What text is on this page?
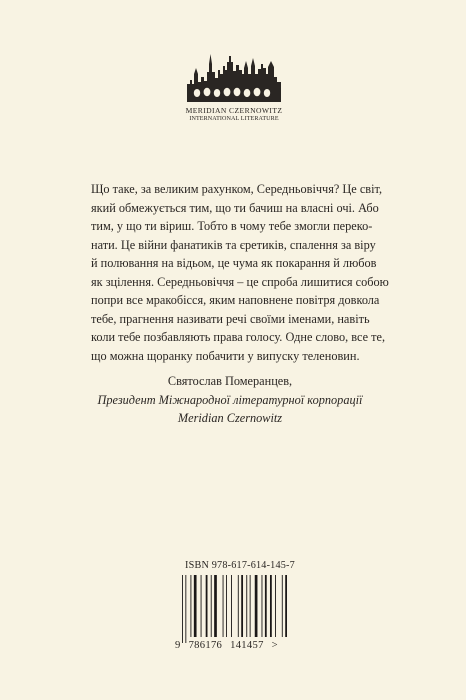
MERIDIAN CZERNOWITZ
INTERNATIONAL LITERATURE
Що таке, за великим рахунком, Середньовіччя? Це світ,
який обмежується тим, що ти бачиш на власні очі. Або
тим, у що ти віриш. Тобто в чому тебе змогли переко-
нати. Це війни фанатиків та єретиків, спалення за віру
й полювання на відьом, це чума як покарання й любов
як зцілення. Середньовіччя – це спроба лишитися собою
попри все мракобісся, яким наповнене повітря довкола
тебе, прагнення називати речі своїми іменами, навіть
коли тебе позбавляють права голосу. Одне слово, все те,
що можна щоранку побачити у випуску теленовин.
Святослав Померанцев,
Президент Міжнародної літературної корпорації
Meridian Czernowitz
ISBN 978-617-614-145-7
9 786176 141457 >
